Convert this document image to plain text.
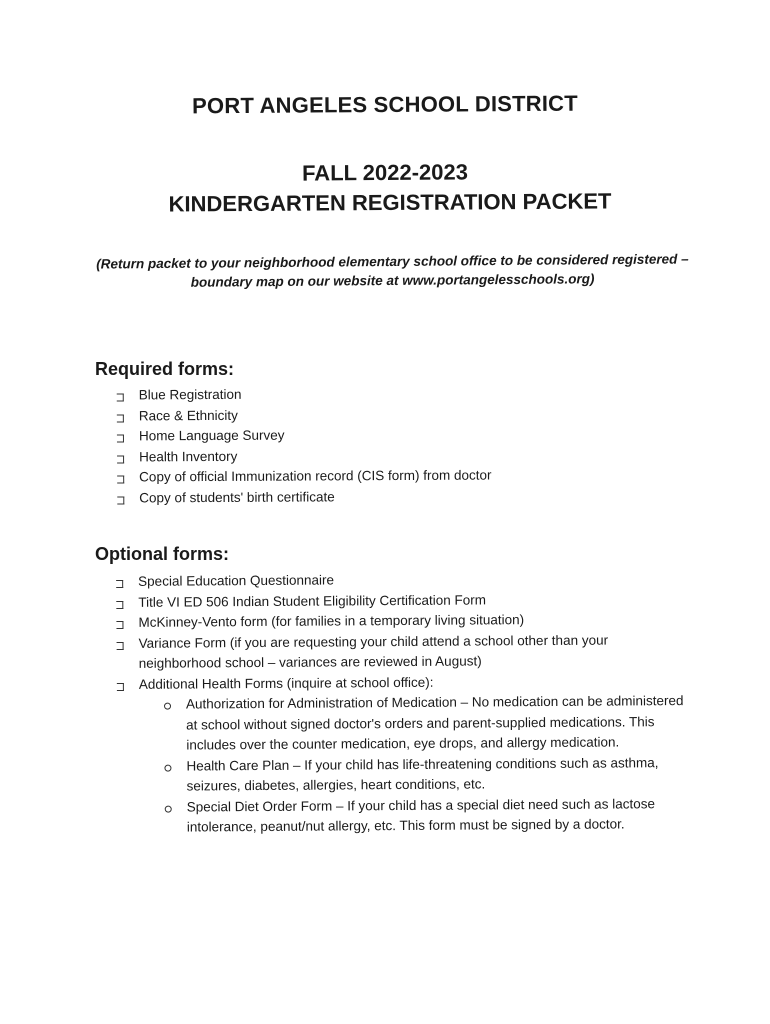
PORT ANGELES SCHOOL DISTRICT
FALL 2022-2023
KINDERGARTEN REGISTRATION PACKET
(Return packet to your neighborhood elementary school office to be considered registered – boundary map on our website at www.portangelesschools.org)
Required forms:
Blue Registration
Race & Ethnicity
Home Language Survey
Health Inventory
Copy of official Immunization record (CIS form) from doctor
Copy of students' birth certificate
Optional forms:
Special Education Questionnaire
Title VI ED 506 Indian Student Eligibility Certification Form
McKinney-Vento form (for families in a temporary living situation)
Variance Form (if you are requesting your child attend a school other than your neighborhood school – variances are reviewed in August)
Additional Health Forms (inquire at school office):
Authorization for Administration of Medication – No medication can be administered at school without signed doctor's orders and parent-supplied medications. This includes over the counter medication, eye drops, and allergy medication.
Health Care Plan – If your child has life-threatening conditions such as asthma, seizures, diabetes, allergies, heart conditions, etc.
Special Diet Order Form – If your child has a special diet need such as lactose intolerance, peanut/nut allergy, etc. This form must be signed by a doctor.
